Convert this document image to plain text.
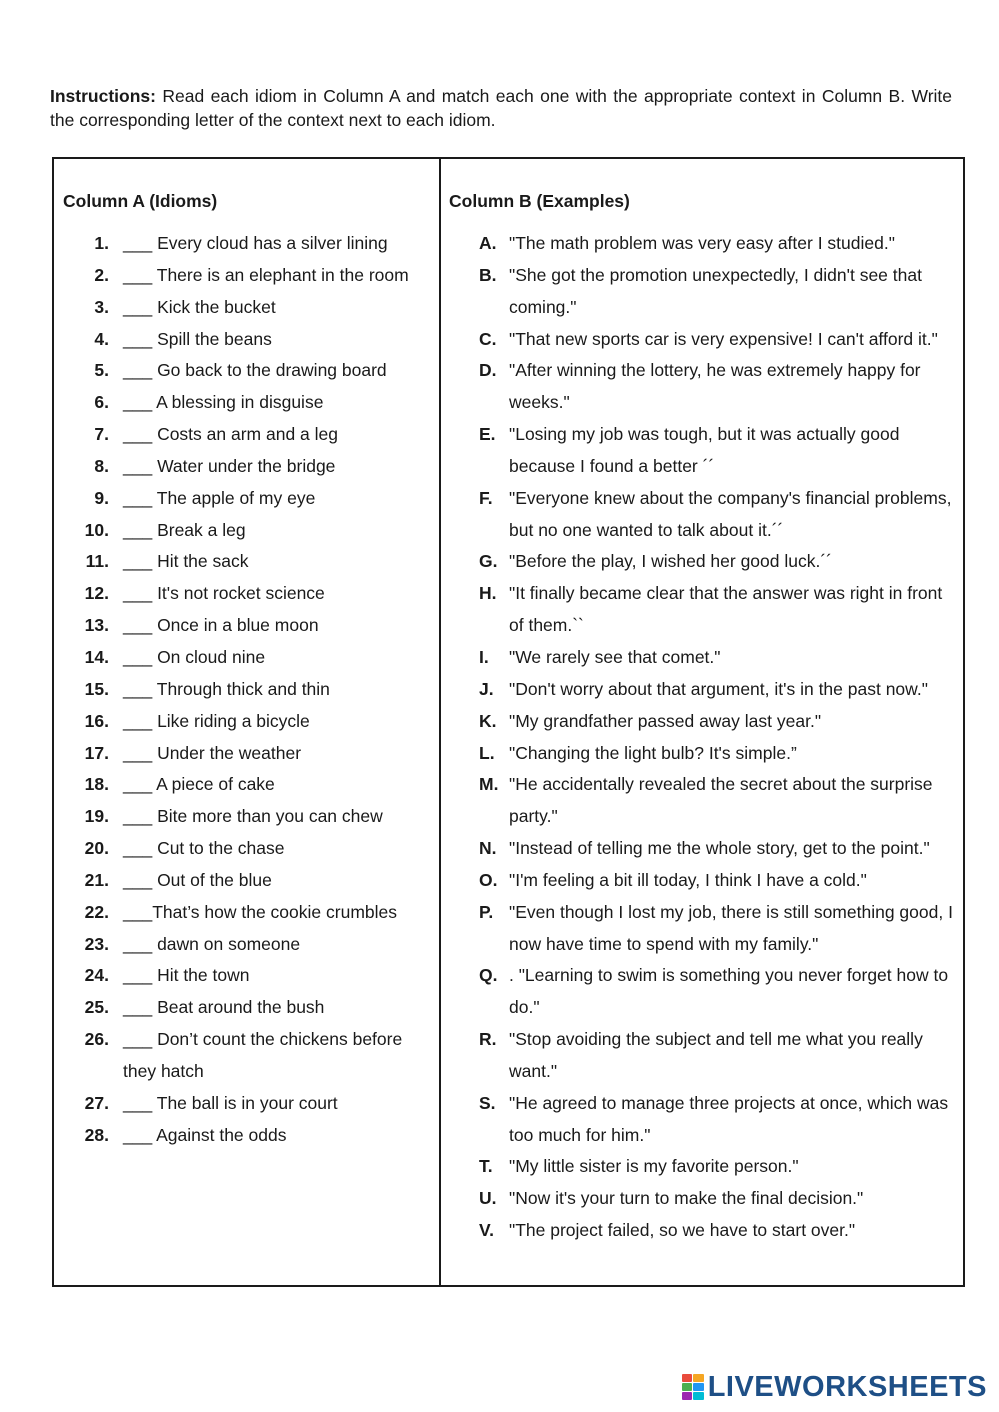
Instructions: Read each idiom in Column A and match each one with the appropriate context in Column B. Write the corresponding letter of the context next to each idiom.

Column A (Idioms)
1. ___ Every cloud has a silver lining
2. ___ There is an elephant in the room
3. ___ Kick the bucket
4. ___ Spill the beans
5. ___ Go back to the drawing board
6. ___ A blessing in disguise
7. ___ Costs an arm and a leg
8. ___ Water under the bridge
9. ___ The apple of my eye
10. ___ Break a leg
11. ___ Hit the sack
12. ___ It's not rocket science
13. ___ Once in a blue moon
14. ___ On cloud nine
15. ___ Through thick and thin
16. ___ Like riding a bicycle
17. ___ Under the weather
18. ___ A piece of cake
19. ___ Bite more than you can chew
20. ___ Cut to the chase
21. ___ Out of the blue
22. ___That’s how the cookie crumbles
23. ___ dawn on someone
24. ___ Hit the town
25. ___ Beat around the bush
26. ___ Don’t count the chickens before they hatch
27. ___ The ball is in your court
28. ___ Against the odds
Column B (Examples)
A. "The math problem was very easy after I studied."
B. "She got the promotion unexpectedly, I didn't see that coming."
C. "That new sports car is very expensive! I can't afford it."
D. "After winning the lottery, he was extremely happy for weeks."
E. "Losing my job was tough, but it was actually good because I found a better ´´
F. "Everyone knew about the company's financial problems, but no one wanted to talk about it.´´
G. "Before the play, I wished her good luck.´´
H. "It finally became clear that the answer was right in front of them.``
I. "We rarely see that comet."
J. "Don't worry about that argument, it's in the past now."
K. "My grandfather passed away last year."
L. "Changing the light bulb? It's simple.”
M. "He accidentally revealed the secret about the surprise party."
N. "Instead of telling me the whole story, get to the point."
O. "I'm feeling a bit ill today, I think I have a cold."
P. "Even though I lost my job, there is still something good, I now have time to spend with my family."
Q. . "Learning to swim is something you never forget how to do."
R. "Stop avoiding the subject and tell me what you really want."
S. "He agreed to manage three projects at once, which was too much for him."
T. "My little sister is my favorite person."
U. "Now it's your turn to make the final decision."
V. "The project failed, so we have to start over."
LIVEWORKSHEETS
